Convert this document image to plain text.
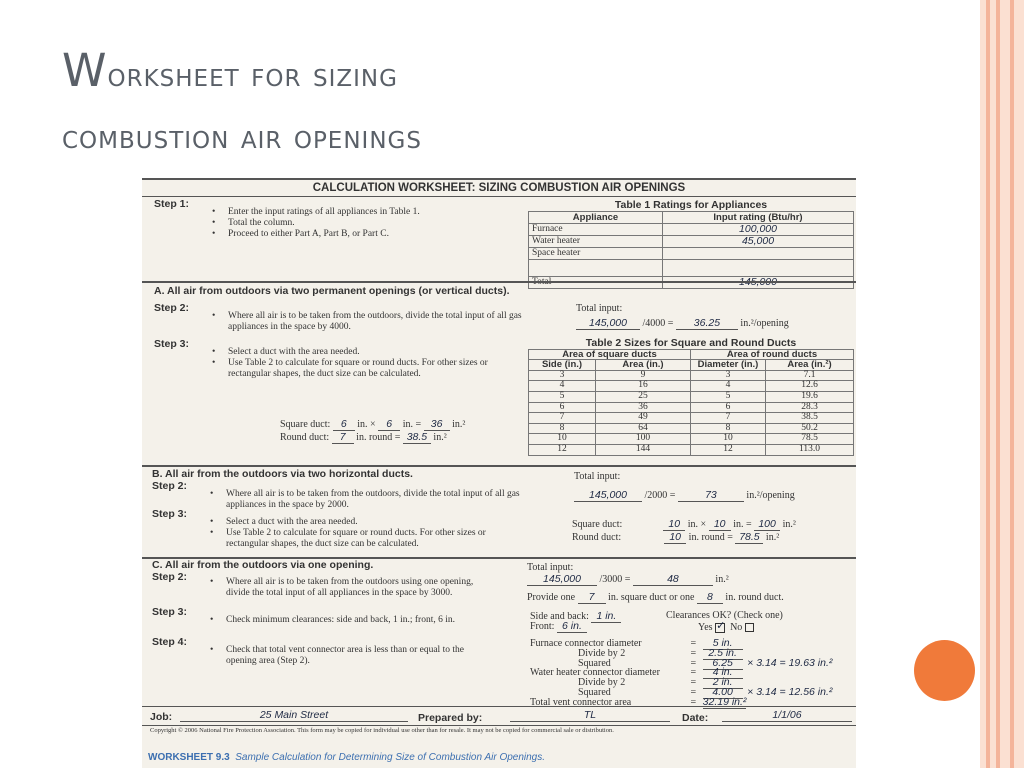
Worksheet for sizing
combustion air openings
CALCULATION WORKSHEET: SIZING COMBUSTION AIR OPENINGS
Step 1:
• Enter the input ratings of all appliances in Table 1.
• Total the column.
• Proceed to either Part A, Part B, or Part C.
Table 1 Ratings for Appliances	
Appliance	Input rating (Btu/hr)
Furnace	100,000
Water heater	45,000
Space heater	

Total	145,000
A. All air from outdoors via two permanent openings (or vertical ducts).
Step 2:
• Where all air is to be taken from the outdoors, divide the total input of all gas appliances in the space by 4000.
Total input:
145,000 /4000 = 36.25 in.²/opening
Step 3:
• Select a duct with the area needed.
• Use Table 2 to calculate for square or round ducts. For other sizes or rectangular shapes, the duct size can be calculated.
Square duct: 6 in. × 6 in. = 36 in.²
Round duct: 7 in. round = 38.5 in.²
Table 2 Sizes for Square and Round Ducts			
Area of square ducts		Area of round ducts	
Side (in.)	Area (in.)	Diameter (in.)	Area (in.²)
3	9	3	7.1
4	16	4	12.6
5	25	5	19.6
6	36	6	28.3
7	49	7	38.5
8	64	8	50.2
10	100	10	78.5
12	144	12	113.0
B. All air from the outdoors via two horizontal ducts.
Step 2:
• Where all air is to be taken from the outdoors, divide the total input of all gas appliances in the space by 2000.
Total input:
145,000 /2000 =	73	in.²/opening
Step 3:
• Select a duct with the area needed.
• Use Table 2 to calculate for square or round ducts. For other sizes or rectangular shapes, the duct size can be calculated.
Square duct:	10 in. × 10 in. = 100 in.²
Round duct:	10 in. round = 78.5 in.²
C. All air from the outdoors via one opening.
Step 2:	• Where all air is to be taken from the outdoors using one opening, divide the total input of all appliances in the space by 3000.
Total input:
145,000 /3000 =	48	in.²
Provide one 7 in. square duct or one 8 in. round duct.
Step 3:
• Check minimum clearances: side and back, 1 in.; front, 6 in.	Side and back: 1 in.
Front: 6 in.
Clearances OK? (Check one)
Yes ✓ No
Step 4:
• Check that total vent connector area is less than or equal to the opening area (Step 2).
Furnace connector diameter	= 5 in.
Divide by 2	= 2.5 in.
Squared	= 6.25 × 3.14 = 19.63 in.²
Water heater connector diameter	= 4 in.
Divide by 2	= 2 in.
Squared	= 4.00 × 3.14 = 12.56 in.²
Total vent connector area	= 32.19 in.²
Job:	25 Main Street	Prepared by:	TL	Date:	1/1/06
Copyright © 2006 National Fire Protection Association. This form may be copied for individual use other than for resale. It may not be copied for commercial sale or distribution.
WORKSHEET 9.3 Sample Calculation for Determining Size of Combustion Air Openings.
